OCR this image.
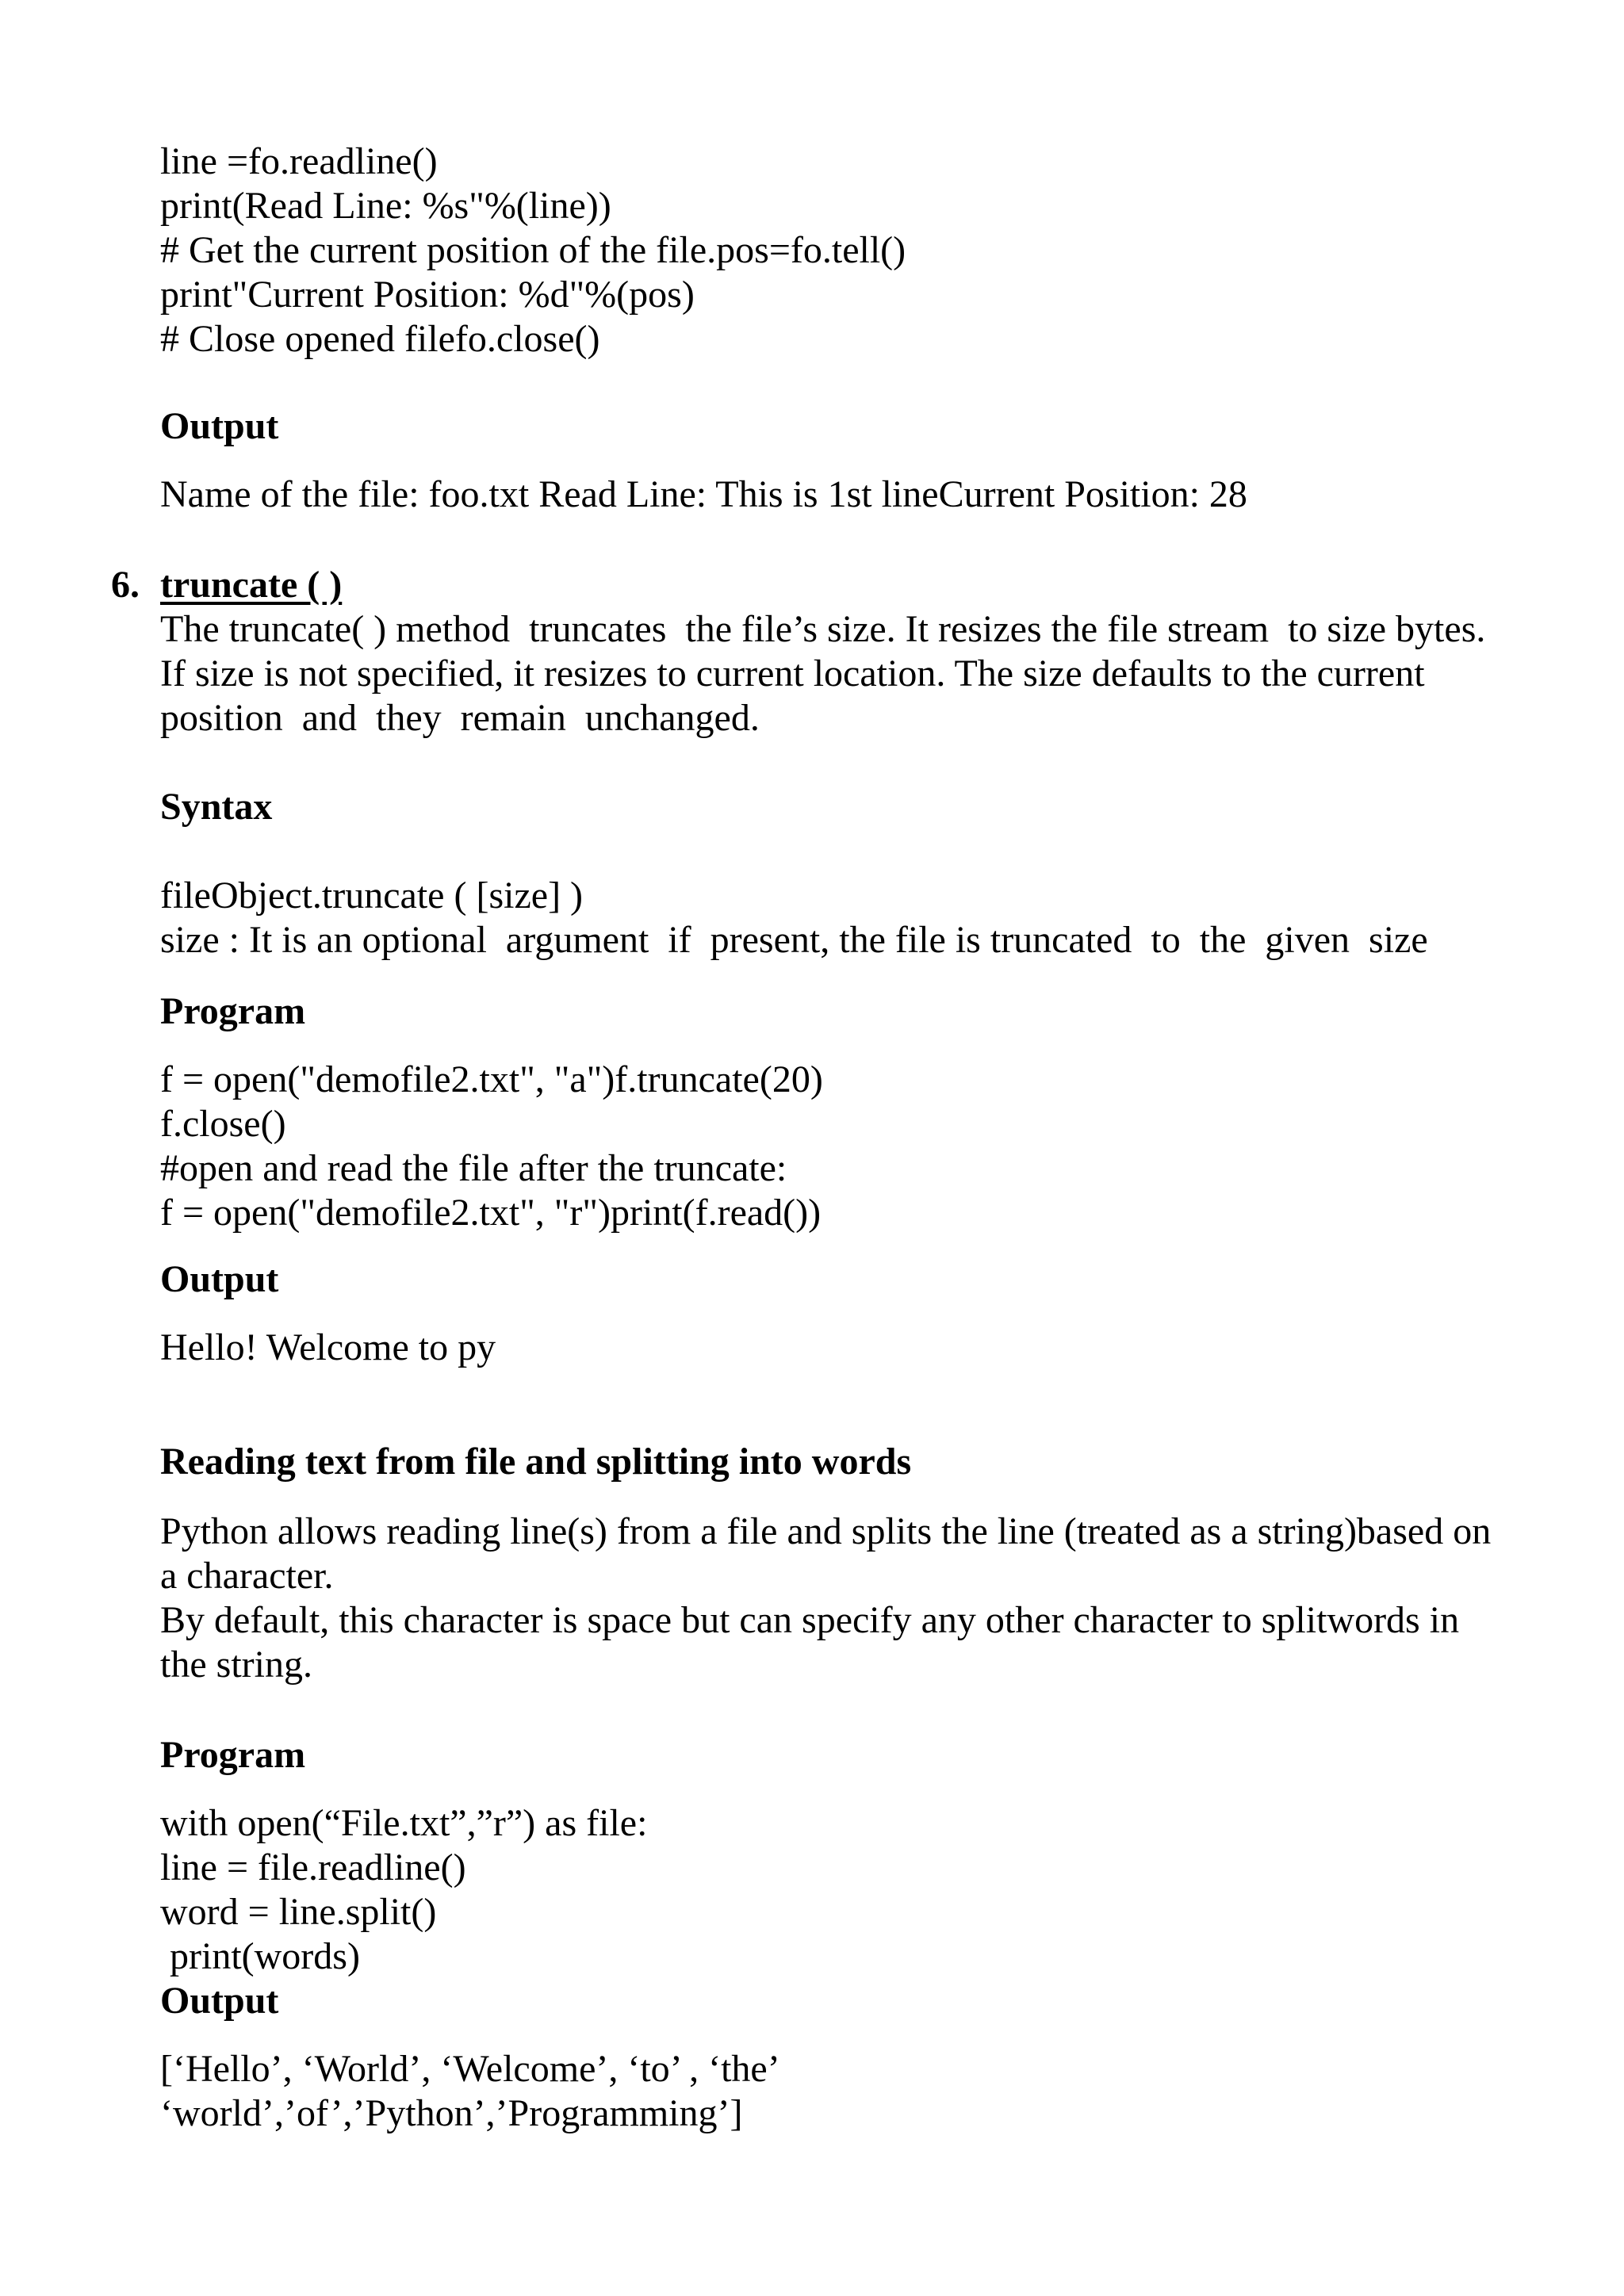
line =fo.readline()
print(Read Line: %s"%(line))
# Get the current position of the file.pos=fo.tell()
print"Current Position: %d"%(pos)
# Close opened filefo.close()
Output
Name of the file: foo.txt Read Line: This is 1st lineCurrent Position: 28
6. truncate ( )
The truncate( ) method  truncates  the file’s size. It resizes the file stream  to size bytes.
If size is not specified, it resizes to current location. The size defaults to the current
position  and  they  remain  unchanged.
Syntax
fileObject.truncate ( [size] )
size : It is an optional  argument  if  present, the file is truncated  to  the  given  size
Program
f = open("demofile2.txt", "a")f.truncate(20)
f.close()
#open and read the file after the truncate:
f = open("demofile2.txt", "r")print(f.read())
Output
Hello! Welcome to py
Reading text from file and splitting into words
Python allows reading line(s) from a file and splits the line (treated as a string)based on
a character.
By default, this character is space but can specify any other character to splitwords in
the string.
Program
with open(“File.txt”,”r”) as file:
line = file.readline()
word = line.split()
print(words)
Output
[‘Hello’, ‘World’, ‘Welcome’, ‘to’ , ‘the’
‘world’,’of’,’Python’,’Programming’]
